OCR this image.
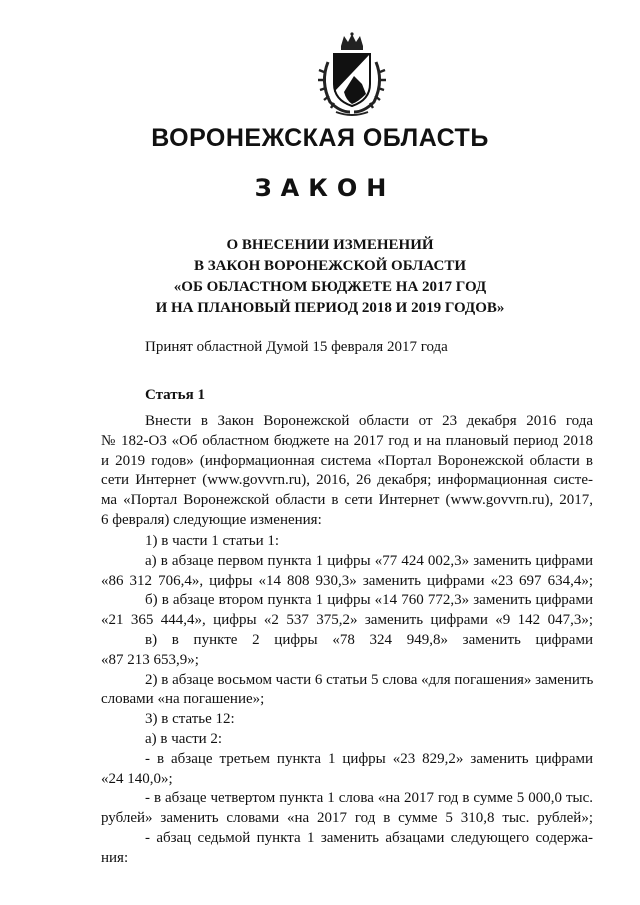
ВОРОНЕЖСКАЯ ОБЛАСТЬ
ЗАКОН
О ВНЕСЕНИИ ИЗМЕНЕНИЙ
В ЗАКОН ВОРОНЕЖСКОЙ ОБЛАСТИ
«ОБ ОБЛАСТНОМ БЮДЖЕТЕ НА 2017 ГОД
И НА ПЛАНОВЫЙ ПЕРИОД 2018 И 2019 ГОДОВ»

Принят областной Думой 15 февраля 2017 года

Статья 1
Внести в Закон Воронежской области от 23 декабря 2016 года
№ 182-ОЗ «Об областном бюджете на 2017 год и на плановый период 2018
и 2019 годов» (информационная система «Портал Воронежской области в
сети Интернет (www.govvrn.ru), 2016, 26 декабря; информационная систе-
ма «Портал Воронежской области в сети Интернет (www.govvrn.ru), 2017,
6 февраля) следующие изменения:
1) в части 1 статьи 1:
а) в абзаце первом пункта 1 цифры «77 424 002,3» заменить цифрами
«86 312 706,4», цифры «14 808 930,3» заменить цифрами «23 697 634,4»;
б) в абзаце втором пункта 1 цифры «14 760 772,3» заменить цифрами
«21 365 444,4», цифры «2 537 375,2» заменить цифрами «9 142 047,3»;
в) в пункте 2 цифры «78 324 949,8» заменить цифрами
«87 213 653,9»;
2) в абзаце восьмом части 6 статьи 5 слова «для погашения» заменить
словами «на погашение»;
3) в статье 12:
а) в части 2:
- в абзаце третьем пункта 1 цифры «23 829,2» заменить цифрами
«24 140,0»;
- в абзаце четвертом пункта 1 слова «на 2017 год в сумме 5 000,0 тыс.
рублей» заменить словами «на 2017 год в сумме 5 310,8 тыс. рублей»;
- абзац седьмой пункта 1 заменить абзацами следующего содержа-
ния:
